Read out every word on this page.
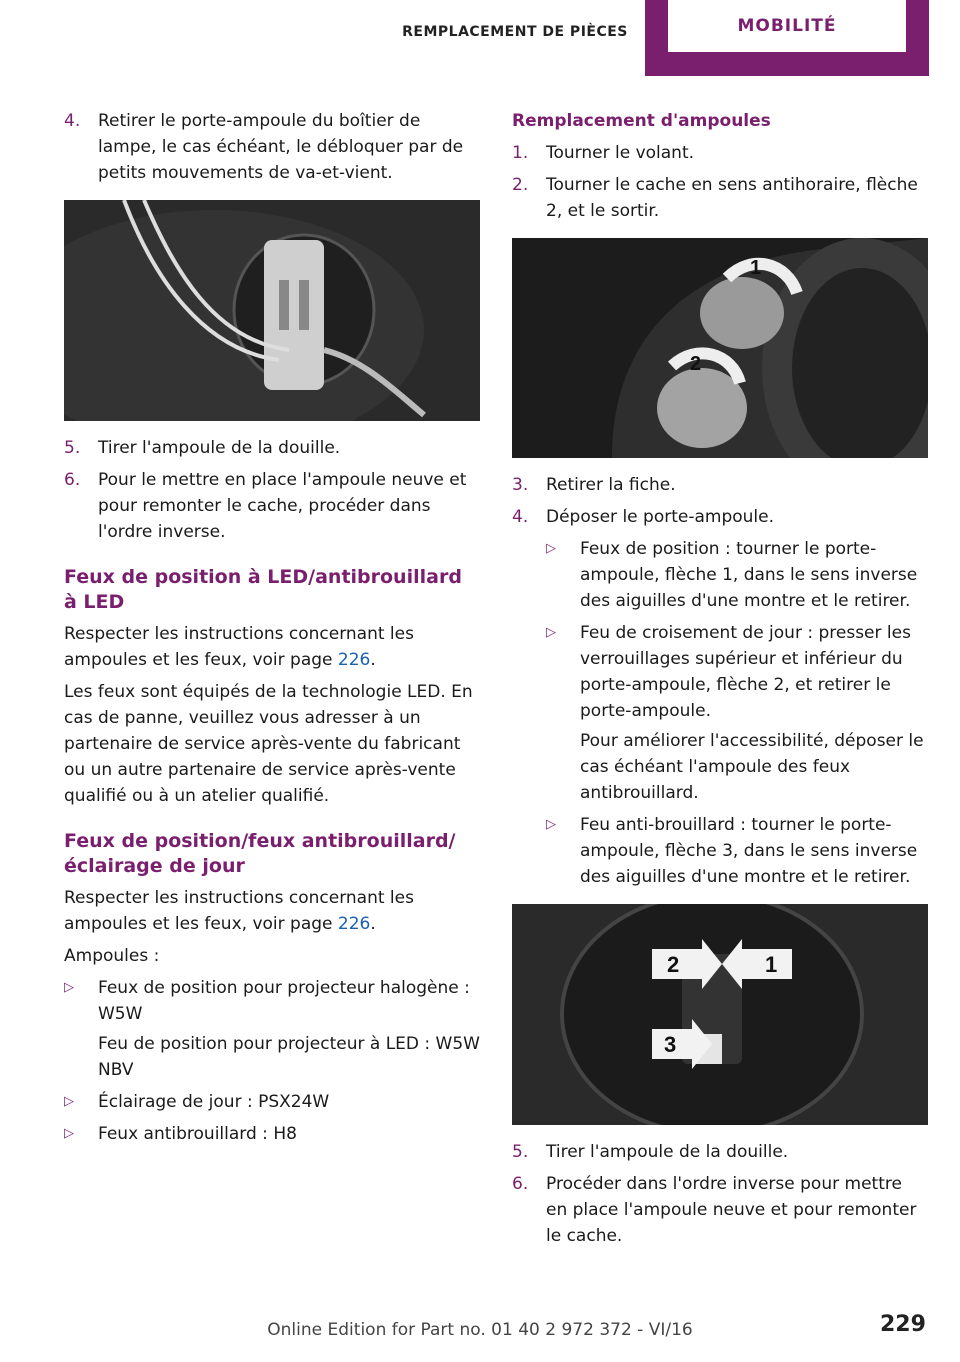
REMPLACEMENT DE PIÈCES	MOBILITÉ
4.	Retirer le porte-ampoule du boîtier de lampe, le cas échéant, le débloquer par de petits mouvements de va-et-vient.
5.	Tirer l'ampoule de la douille.
6.	Pour le mettre en place l'ampoule neuve et pour remonter le cache, procéder dans l'ordre inverse.
Feux de position à LED/antibrouillard à LED
Respecter les instructions concernant les ampoules et les feux, voir page 226.
Les feux sont équipés de la technologie LED. En cas de panne, veuillez vous adresser à un partenaire de service après-vente du fabricant ou un autre partenaire de service après-vente qualifié ou à un atelier qualifié.
Feux de position/feux antibrouillard/éclairage de jour
Respecter les instructions concernant les ampoules et les feux, voir page 226.
Ampoules :
▷	Feux de position pour projecteur halogène : W5W
Feu de position pour projecteur à LED : W5W NBV
▷	Éclairage de jour : PSX24W
▷	Feux antibrouillard : H8
Remplacement d'ampoules
1.	Tourner le volant.
2.	Tourner le cache en sens antihoraire, flèche 2, et le sortir.
1
2
3.	Retirer la fiche.
4.	Déposer le porte-ampoule.
▷	Feux de position : tourner le porte-ampoule, flèche 1, dans le sens inverse des aiguilles d'une montre et le retirer.
▷	Feu de croisement de jour : presser les verrouillages supérieur et inférieur du porte-ampoule, flèche 2, et retirer le porte-ampoule.
Pour améliorer l'accessibilité, déposer le cas échéant l'ampoule des feux antibrouillard.
▷	Feu anti-brouillard : tourner le porte-ampoule, flèche 3, dans le sens inverse des aiguilles d'une montre et le retirer.
2	1
3
5.	Tirer l'ampoule de la douille.
6.	Procéder dans l'ordre inverse pour mettre en place l'ampoule neuve et pour remonter le cache.
229
Online Edition for Part no. 01 40 2 972 372 - VI/16
